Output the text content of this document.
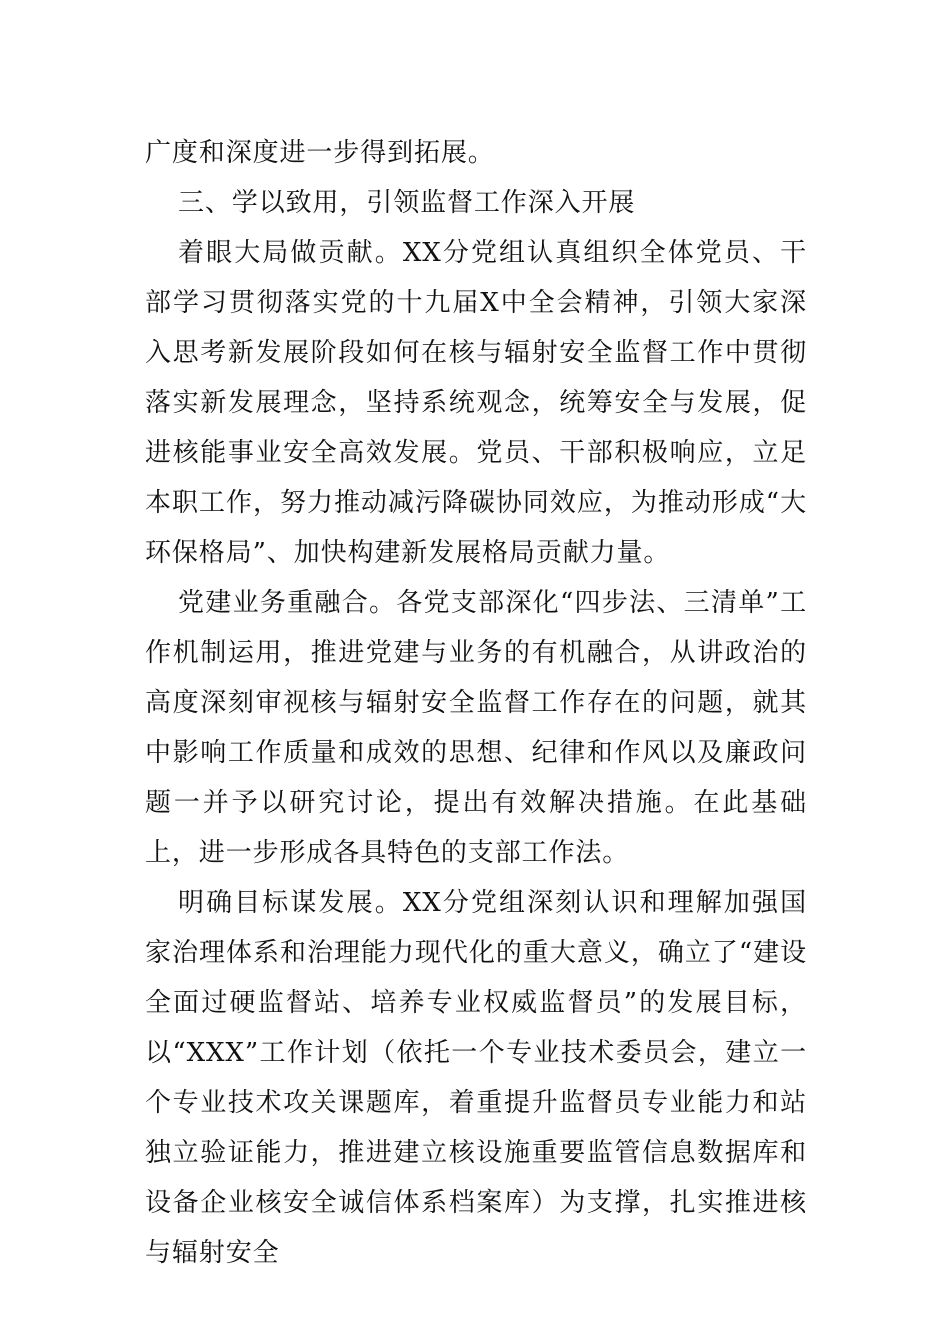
广度和深度进一步得到拓展。

三、学以致用，引领监督工作深入开展

着眼大局做贡献。XX分党组认真组织全体党员、干部学习贯彻落实党的十九届X中全会精神，引领大家深入思考新发展阶段如何在核与辐射安全监督工作中贯彻落实新发展理念，坚持系统观念，统筹安全与发展，促进核能事业安全高效发展。党员、干部积极响应，立足本职工作，努力推动减污降碳协同效应，为推动形成“大环保格局”、加快构建新发展格局贡献力量。

党建业务重融合。各党支部深化“四步法、三清单”工作机制运用，推进党建与业务的有机融合，从讲政治的高度深刻审视核与辐射安全监督工作存在的问题，就其中影响工作质量和成效的思想、纪律和作风以及廉政问题一并予以研究讨论，提出有效解决措施。在此基础上，进一步形成各具特色的支部工作法。

明确目标谋发展。XX分党组深刻认识和理解加强国家治理体系和治理能力现代化的重大意义，确立了“建设全面过硬监督站、培养专业权威监督员”的发展目标，以“XXX”工作计划（依托一个专业技术委员会，建立一个专业技术攻关课题库，着重提升监督员专业能力和站独立验证能力，推进建立核设施重要监管信息数据库和设备企业核安全诚信体系档案库）为支撑，扎实推进核与辐射安全
